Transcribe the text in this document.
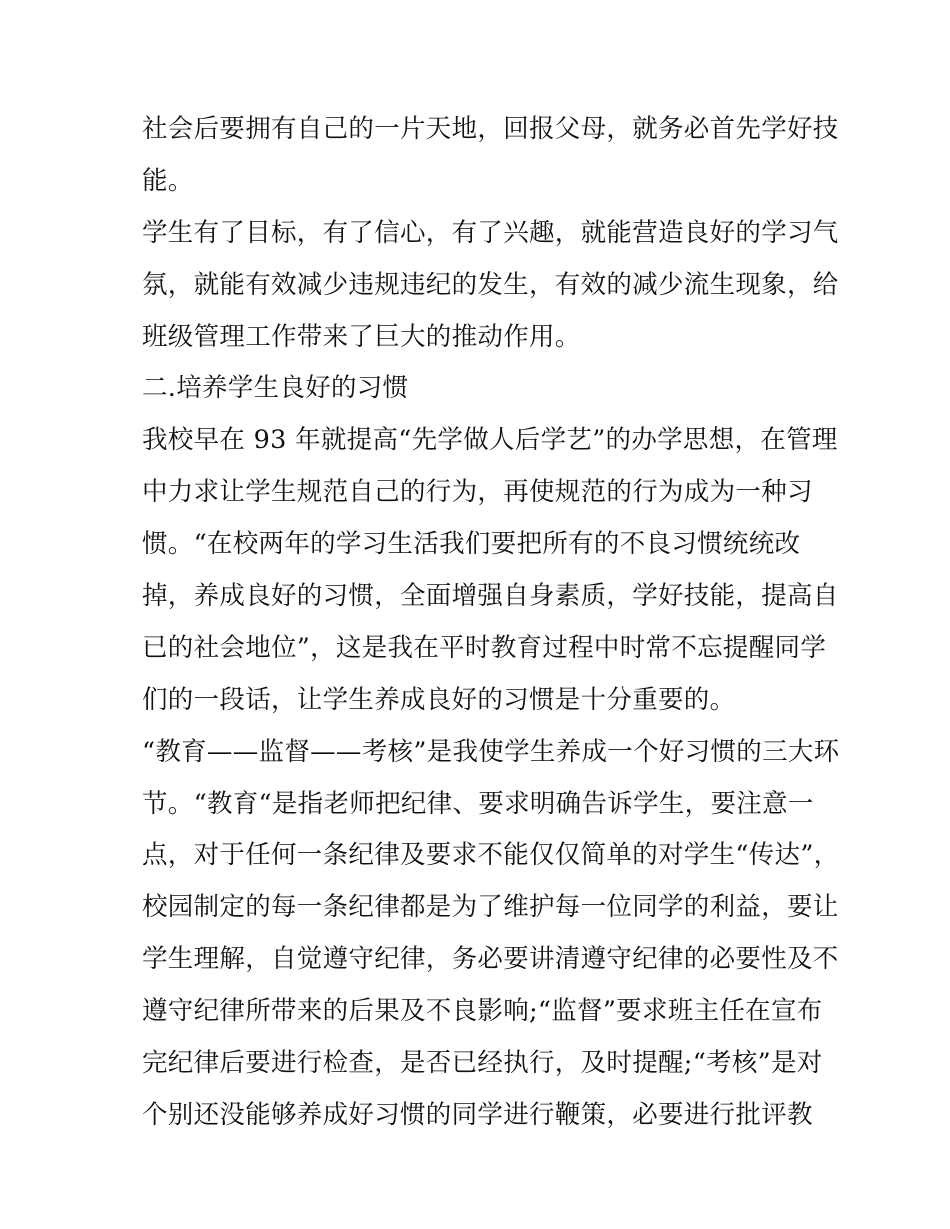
社会后要拥有自己的一片天地，回报父母，就务必首先学好技
能。
学生有了目标，有了信心，有了兴趣，就能营造良好的学习气
氛，就能有效减少违规违纪的发生，有效的减少流生现象，给
班级管理工作带来了巨大的推动作用。
二.培养学生良好的习惯
我校早在 93 年就提高“先学做人后学艺”的办学思想，在管理
中力求让学生规范自己的行为，再使规范的行为成为一种习
惯。“在校两年的学习生活我们要把所有的不良习惯统统改
掉，养成良好的习惯，全面增强自身素质，学好技能，提高自
已的社会地位”，这是我在平时教育过程中时常不忘提醒同学
们的一段话，让学生养成良好的习惯是十分重要的。
“教育——监督——考核”是我使学生养成一个好习惯的三大环
节。“教育“是指老师把纪律、要求明确告诉学生，要注意一
点，对于任何一条纪律及要求不能仅仅简单的对学生“传达”，
校园制定的每一条纪律都是为了维护每一位同学的利益，要让
学生理解，自觉遵守纪律，务必要讲清遵守纪律的必要性及不
遵守纪律所带来的后果及不良影响;“监督”要求班主任在宣布
完纪律后要进行检查，是否已经执行，及时提醒;“考核”是对
个别还没能够养成好习惯的同学进行鞭策，必要进行批评教
